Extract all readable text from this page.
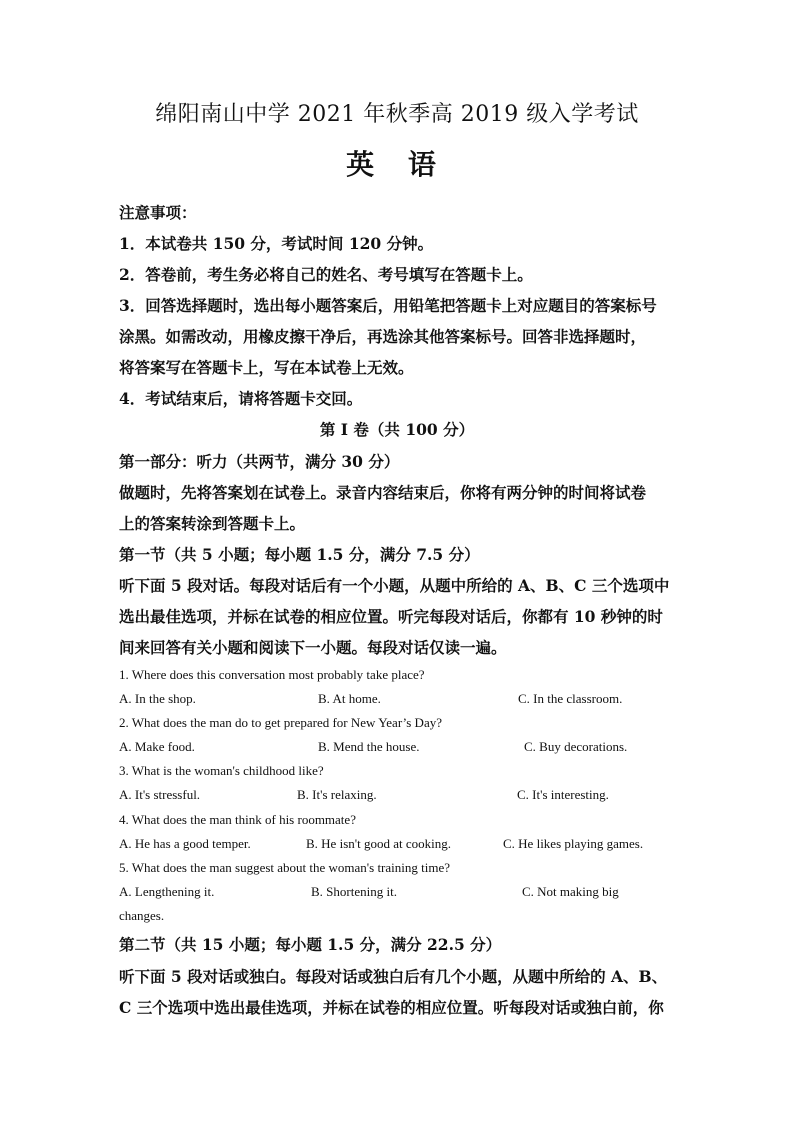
绵阳南山中学 2021 年秋季高 2019 级入学考试
英 语
注意事项：
1．本试卷共 150 分，考试时间 120 分钟。
2．答卷前，考生务必将自己的姓名、考号填写在答题卡上。
3．回答选择题时，选出每小题答案后，用铅笔把答题卡上对应题目的答案标号
涂黑。如需改动，用橡皮擦干净后，再选涂其他答案标号。回答非选择题时，
将答案写在答题卡上，写在本试卷上无效。
4．考试结束后，请将答题卡交回。
第 I 卷（共 100 分）
第一部分：听力（共两节，满分 30 分）
做题时，先将答案划在试卷上。录音内容结束后，你将有两分钟的时间将试卷
上的答案转涂到答题卡上。
第一节（共 5 小题；每小题 1.5 分，满分 7.5 分）
听下面 5 段对话。每段对话后有一个小题，从题中所给的 A、B、C 三个选项中
选出最佳选项，并标在试卷的相应位置。听完每段对话后，你都有 10 秒钟的时
间来回答有关小题和阅读下一小题。每段对话仅读一遍。
1. Where does this conversation most probably take place?
A. In the shop.	B. At home.	C. In the classroom.
2. What does the man do to get prepared for New Year’s Day?
A. Make food.	B. Mend the house.	C. Buy decorations.
3. What is the woman's childhood like?
A. It's stressful.	B. It's relaxing.	C. It's interesting.
4. What does the man think of his roommate?
A. He has a good temper.	B. He isn't good at cooking.	C. He likes playing games.
5. What does the man suggest about the woman's training time?
A. Lengthening it.	B. Shortening it.	C. Not making big
changes.
第二节（共 15 小题；每小题 1.5 分，满分 22.5 分）
听下面 5 段对话或独白。每段对话或独白后有几个小题，从题中所给的 A、B、
C 三个选项中选出最佳选项，并标在试卷的相应位置。听每段对话或独白前，你
